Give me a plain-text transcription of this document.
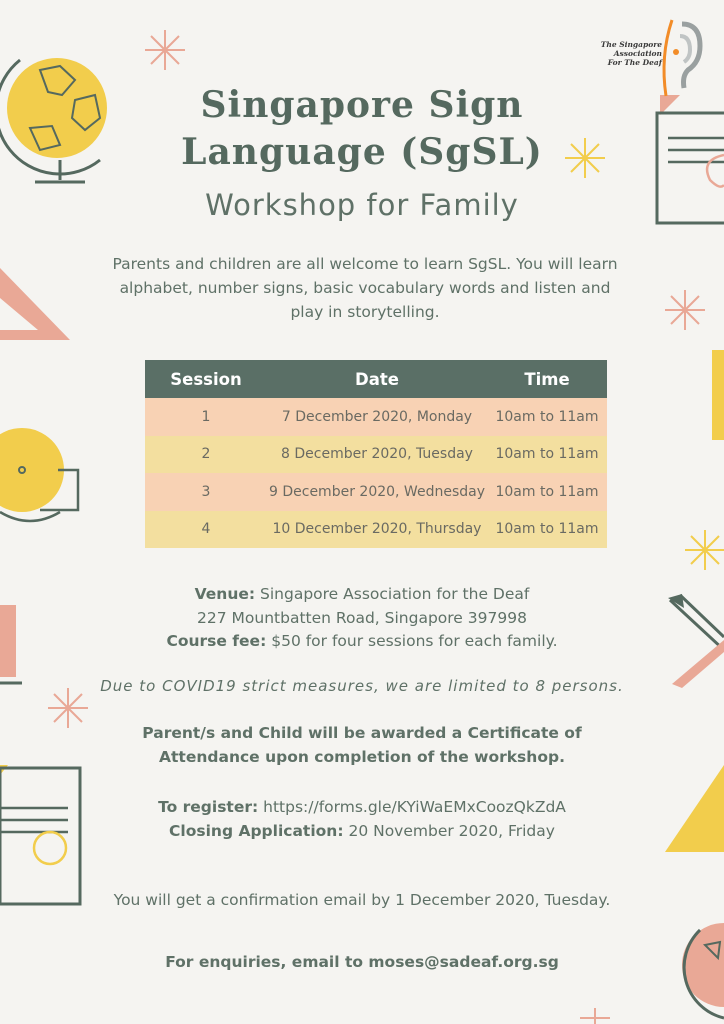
The Singapore
Association
For The Deaf
Singapore Sign
Language (SgSL)
Workshop for Family
Parents and children are all welcome to learn SgSL. You will learn alphabet, number signs, basic vocabulary words and listen and play in storytelling.
Session	Date	Time
1	7 December 2020, Monday	10am to 11am
2	8 December 2020, Tuesday	10am to 11am
3	9 December 2020, Wednesday	10am to 11am
4	10 December 2020, Thursday	10am to 11am
Venue: Singapore Association for the Deaf
227 Mountbatten Road, Singapore 397998
Course fee: $50 for four sessions for each family.
Due to COVID19 strict measures, we are limited to 8 persons.
Parent/s and Child will be awarded a Certificate of
Attendance upon completion of the workshop.
To register: https://forms.gle/KYiWaEMxCoozQkZdA
Closing Application: 20 November 2020, Friday
You will get a confirmation email by 1 December 2020, Tuesday.
For enquiries, email to moses@sadeaf.org.sg
